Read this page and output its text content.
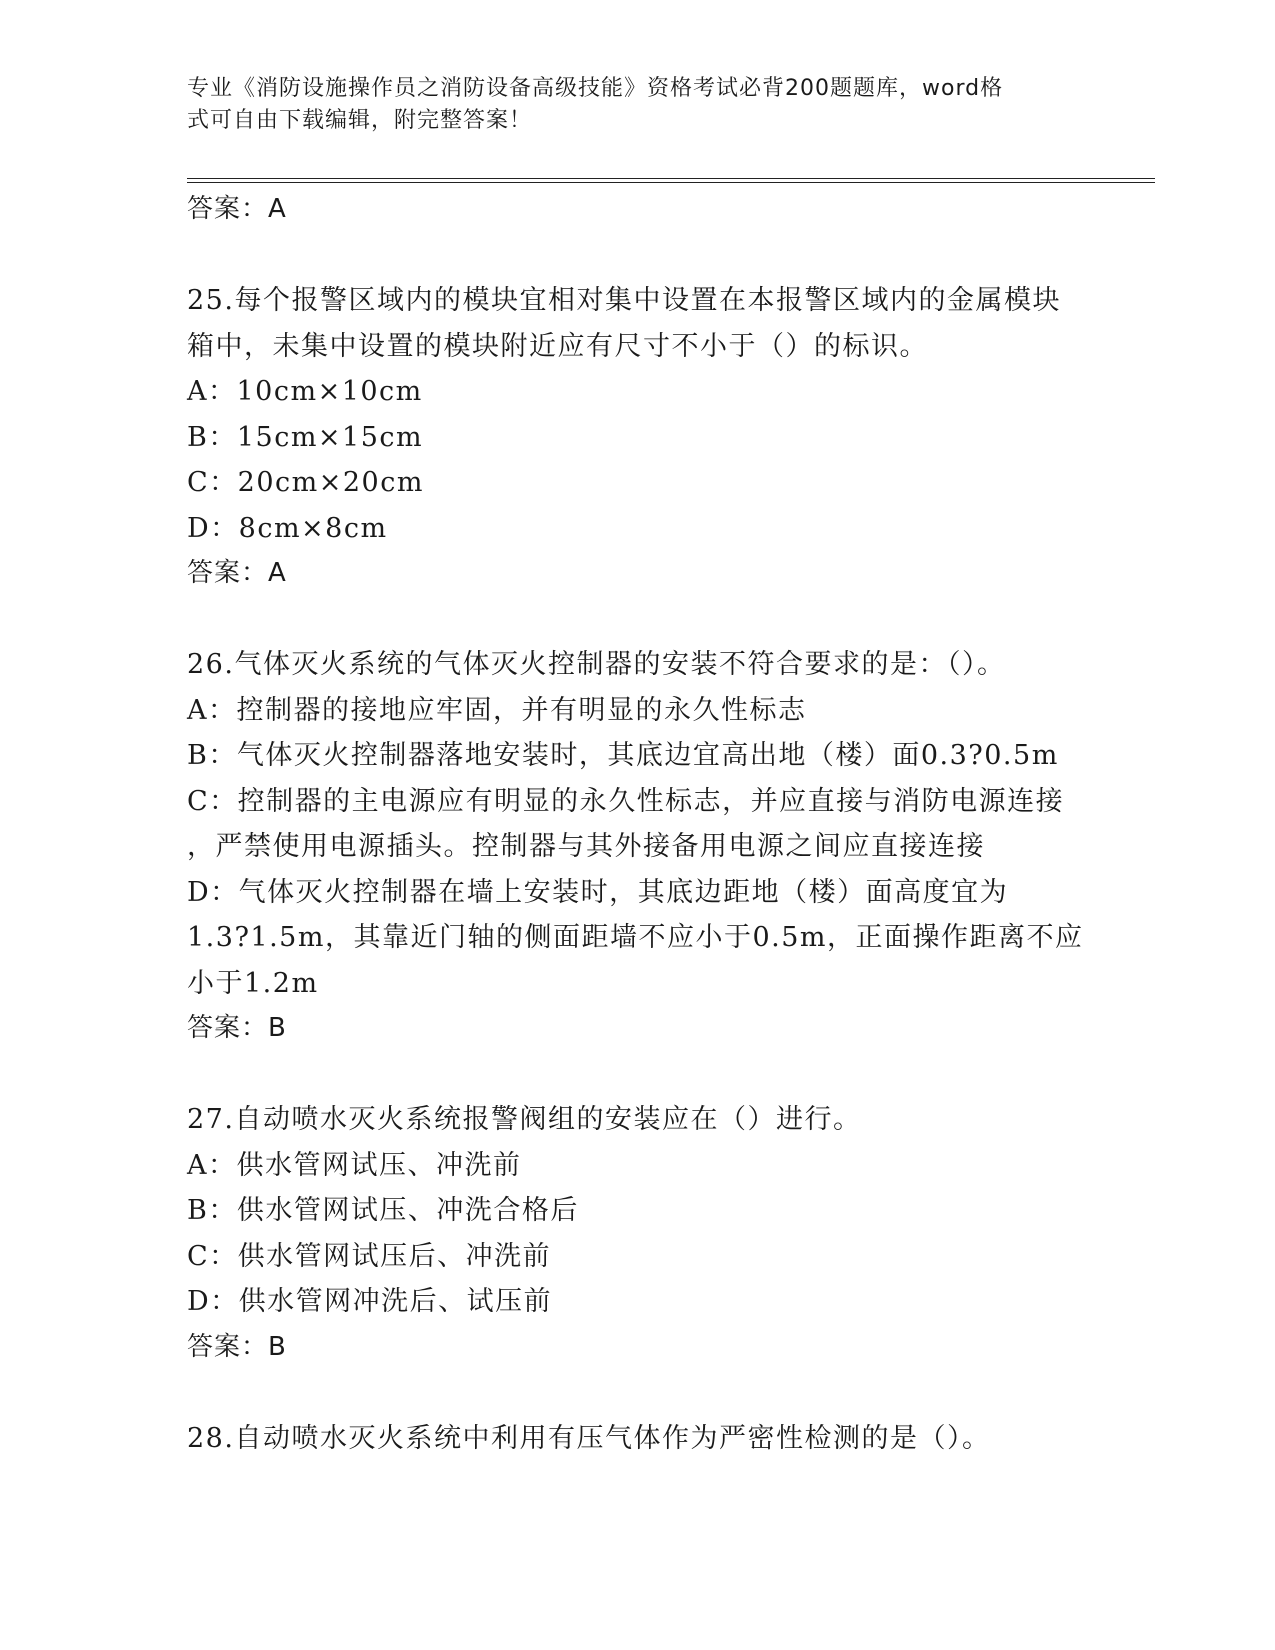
专业《消防设施操作员之消防设备高级技能》资格考试必背200题题库，word格
式可自由下载编辑，附完整答案！
答案：A
25.每个报警区域内的模块宜相对集中设置在本报警区域内的金属模块
箱中，未集中设置的模块附近应有尺寸不小于（）的标识。
A：10cm×10cm
B：15cm×15cm
C：20cm×20cm
D：8cm×8cm
答案：A
26.气体灭火系统的气体灭火控制器的安装不符合要求的是：（）。
A：控制器的接地应牢固，并有明显的永久性标志
B：气体灭火控制器落地安装时，其底边宜高出地（楼）面0.3?0.5m
C：控制器的主电源应有明显的永久性标志，并应直接与消防电源连接
，严禁使用电源插头。控制器与其外接备用电源之间应直接连接
D：气体灭火控制器在墙上安装时，其底边距地（楼）面高度宜为
1.3?1.5m，其靠近门轴的侧面距墙不应小于0.5m，正面操作距离不应
小于1.2m
答案：B
27.自动喷水灭火系统报警阀组的安装应在（）进行。
A：供水管网试压、冲洗前
B：供水管网试压、冲洗合格后
C：供水管网试压后、冲洗前
D：供水管网冲洗后、试压前
答案：B
28.自动喷水灭火系统中利用有压气体作为严密性检测的是（）。
